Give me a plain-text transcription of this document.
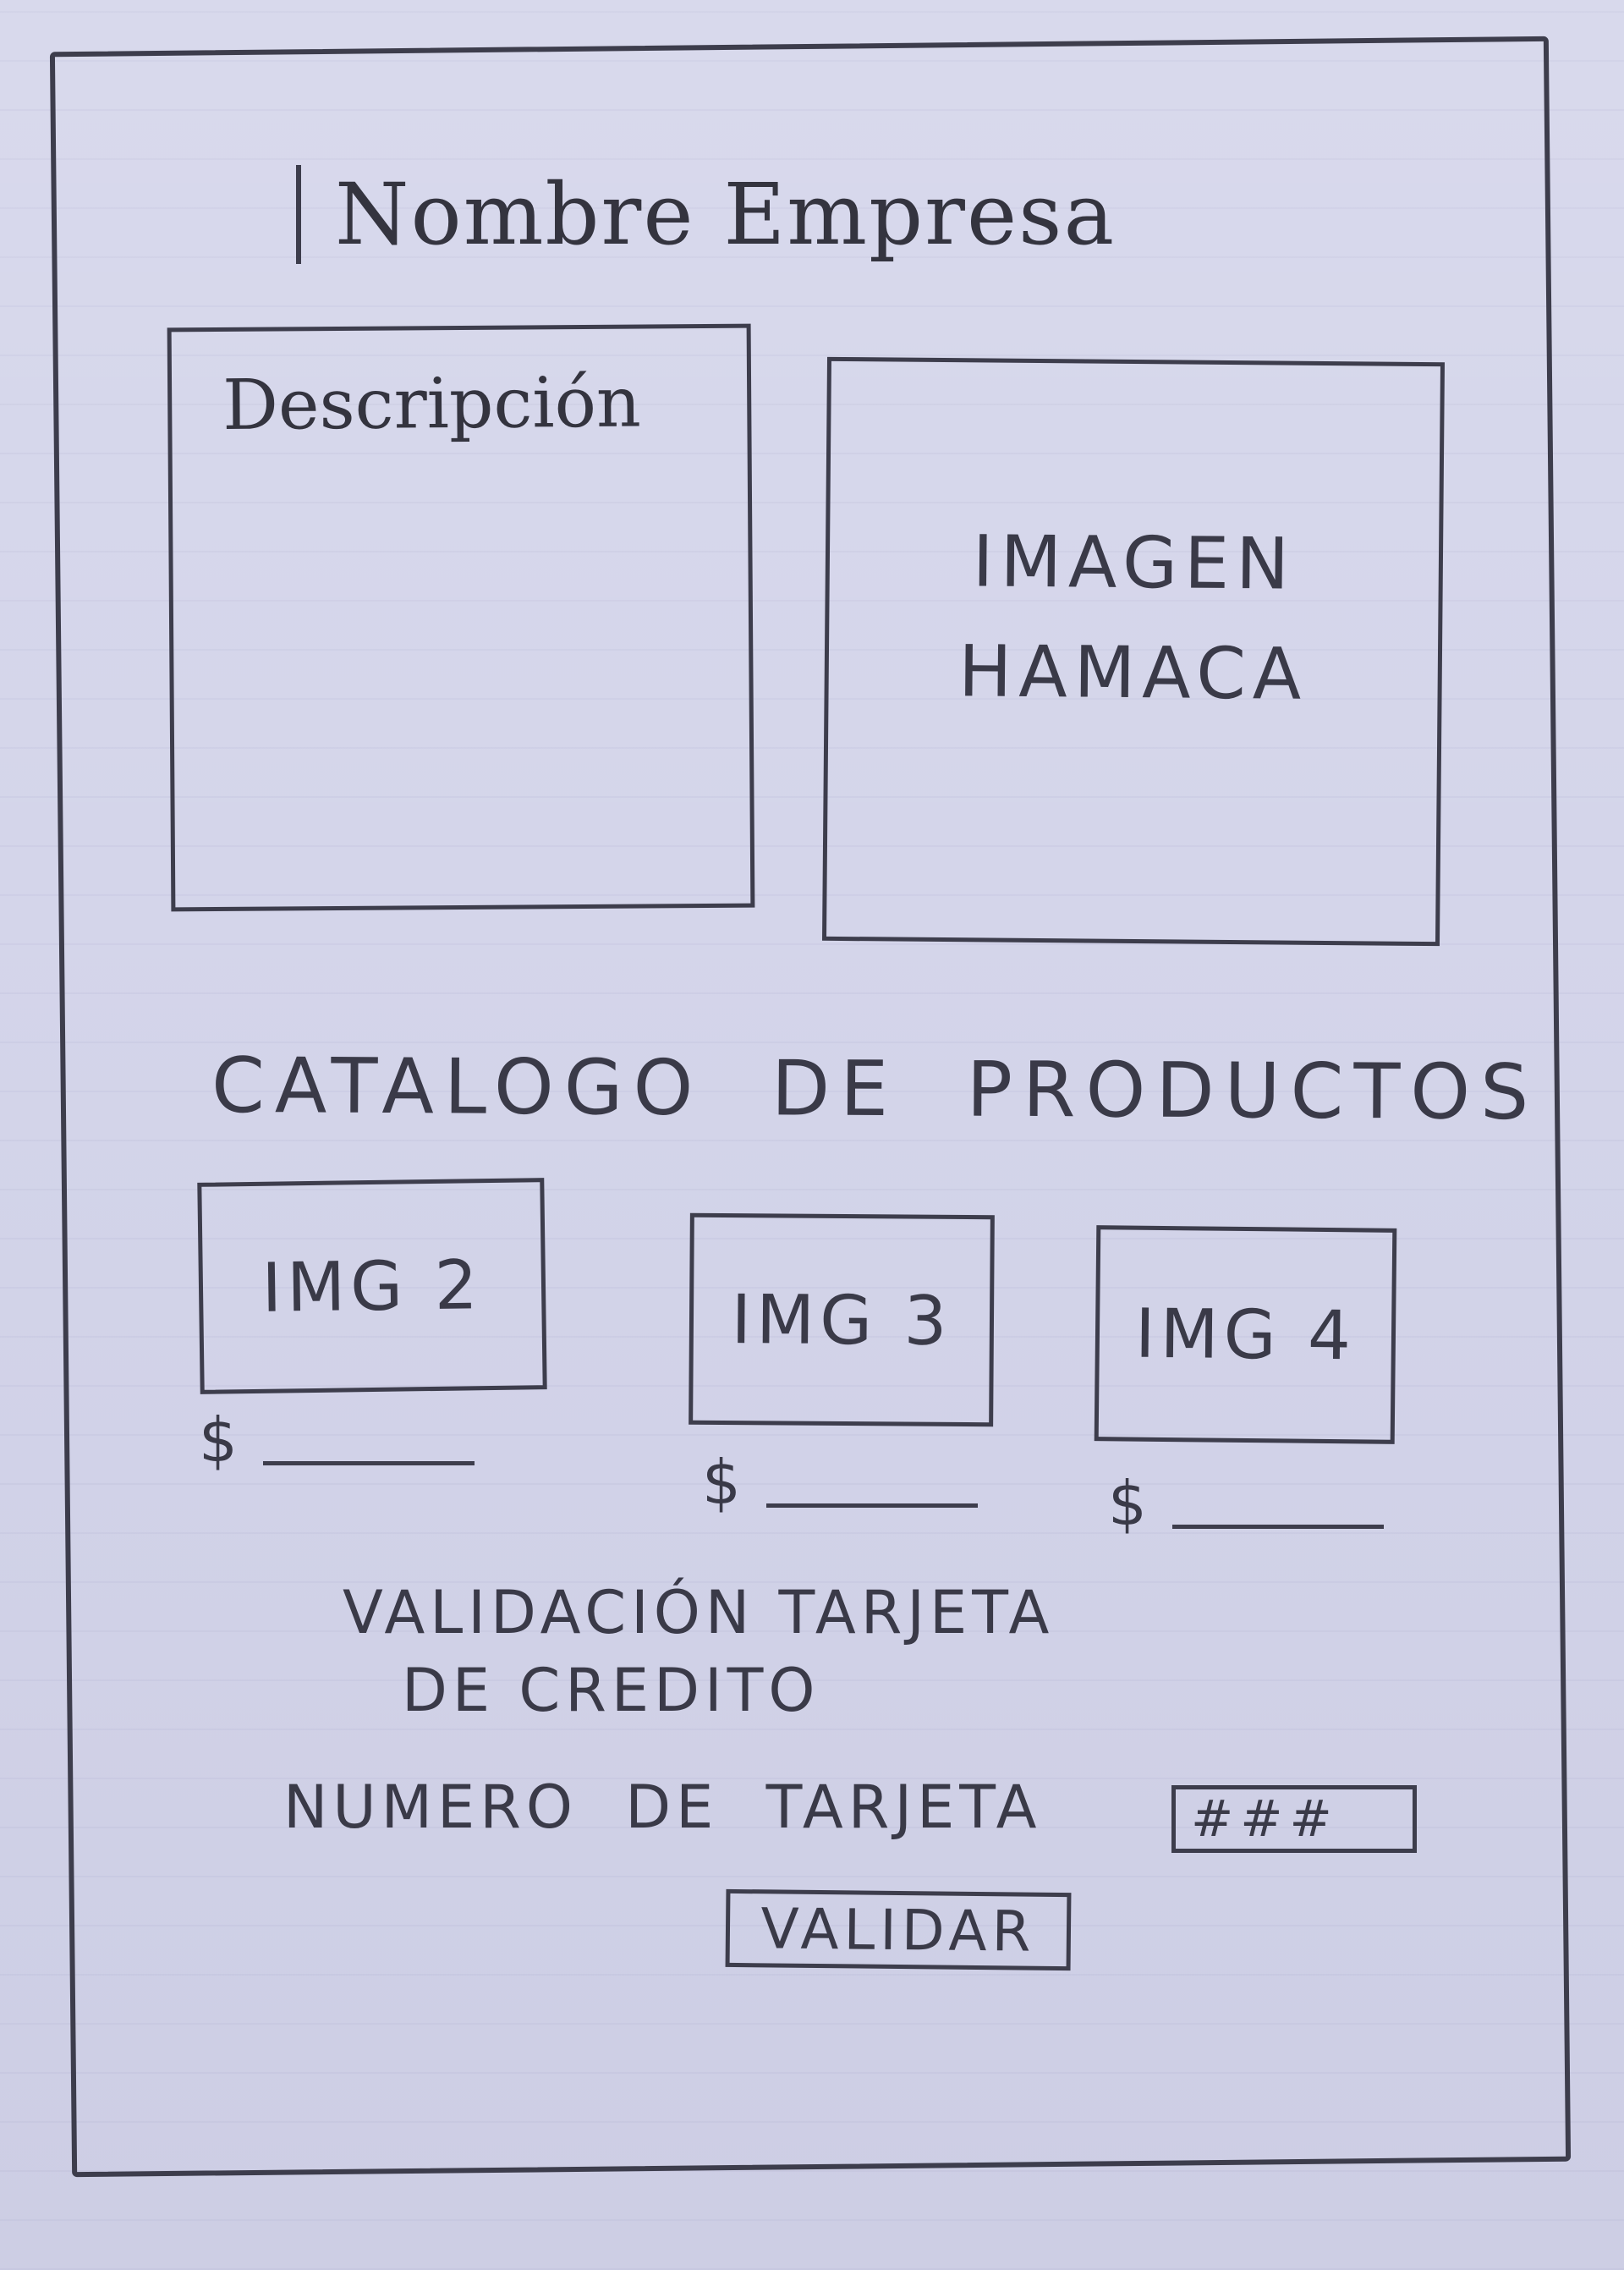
Nombre Empresa
Descripción
IMAGEN
HAMACA
CATALOGO DE PRODUCTOS
IMG 2	IMG 3	IMG 4
$
$	$
VALIDACIÓN TARJETA
DE CREDITO
NUMERO DE TARJETA
###
VALIDAR
